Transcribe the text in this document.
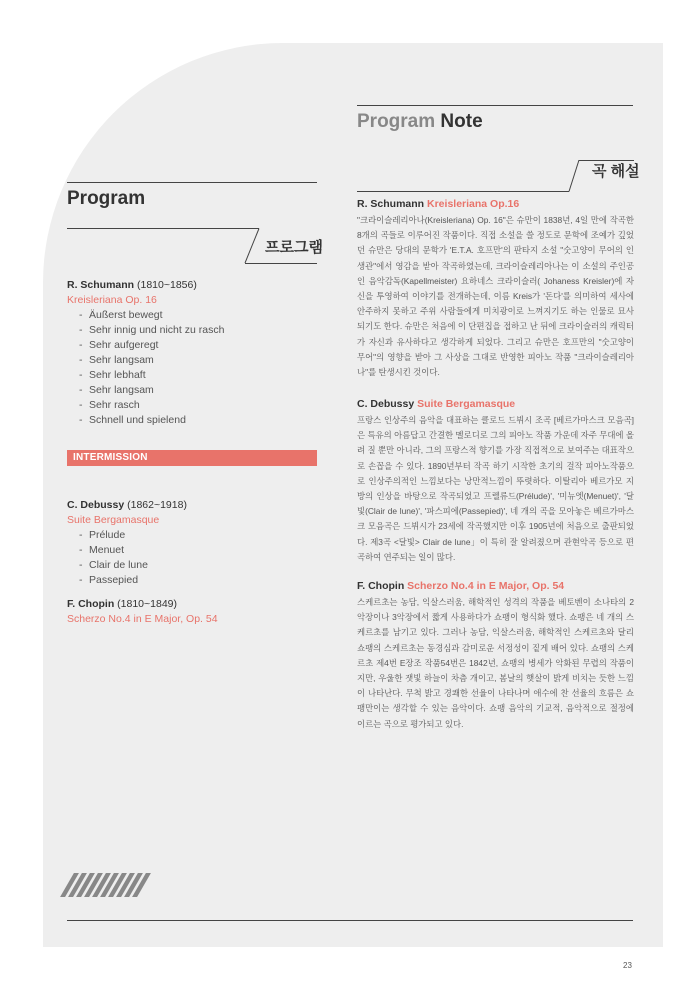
Program Note
곡 해설
Program
프로그램
R. Schumann (1810~1856)
Kreisleriana Op. 16
- Äußerst bewegt
- Sehr innig und nicht zu rasch
- Sehr aufgeregt
- Sehr langsam
- Sehr lebhaft
- Sehr langsam
- Sehr rasch
- Schnell und spielend
INTERMISSION
C. Debussy (1862~1918)
Suite Bergamasque
- Prélude
- Menuet
- Clair de lune
- Passepied
F. Chopin (1810~1849)
Scherzo No.4 in E Major, Op. 54
R. Schumann Kreisleriana Op.16

"크라이슬레리아나(Kreisleriana) Op. 16"은 슈만이 1838년, 4일 만에 작곡한 8개의 곡들로 이루어진 작품이다. 직접 소설을 쓸 정도로 문학에 조예가 깊었던 슈만은 당대의 문학가 'E.T.A. 호프만'의 판타지 소설 "숫고양이 무어의 인생관"에서 영감을 받아 작곡하였는데, 크라이슬레리아나는 이 소설의 주인공인 음악감독(Kapellmeister) 요하네스 크라이슬러( Johaness Kreisler)에 자신을 투영하여 이야기를 전개하는데, 이름 Kreis가 '돈다'를 의미하여 세사에 안주하지 못하고 주위 사람들에게 미치광이로 느껴지기도 하는 인물로 묘사되기도 한다. 슈만은 처음에 이 단편집을 접하고 난 뒤에 크라이슬러의 캐릭터가 자신과 유사하다고 생각하게 되었다. 그리고 슈만은 호프만의 "숫고양이 무어"의 영향을 받아 그 사상을 그대로 반영한 피아노 작품 "크라이슬레리아나"를 탄생시킨 것이다.

C. Debussy Suite Bergamasque

프랑스 인상주의 음악을 대표하는 클로드 드뷔시 조곡 [베르가마스크 모음곡]은 특유의 아름답고 간결한 멜로디로 그의 피아노 작품 가운데 자주 무대에 올려 질 뿐만 아니라, 그의 프랑스적 향기를 가장 직접적으로 보여주는 대표작으로 손꼽을 수 있다. 1890년부터 작곡 하기 시작한 초기의 걸작 피아노작품으로 인상주의적인 느낌보다는 낭만적느낌이 뚜렷하다. 이탈리아 베르가모 지방의 인상을 바탕으로 작곡되었고 프렐류드(Prélude)', '미뉴엣(Menuet)', '달빛(Clair de lune)', '파스피에(Passepied)', 네 개의 곡을 모아놓은 베르가마스크 모음곡은 드뷔시가 23세에 작곡했지만 이후 1905년에 처음으로 출판되었다. 제3곡 <달빛> Clair de lune」이 특히 잘 알려졌으며 관현악곡 등으로 편곡하여 연주되는 일이 많다.

F. Chopin Scherzo No.4 in E Major, Op. 54

스케르초는 농담, 익살스러움, 해학적인 성격의 작품을 베토벤이 소나타의 2악장이나 3악장에서 짧게 사용하다가 쇼팽이 형식화 했다. 쇼팽은 네 개의 스케르초를 남기고 있다. 그러나 농담, 익살스러움, 해학적인 스케르초와 달리 쇼팽의 스케르초는 동경심과 감미로운 서정성이 짙게 배어 있다. 쇼팽의 스케르초 제4번 E장조 작품54번은 1842년, 쇼팽의 병세가 악화된 무렵의 작품이지만, 우울한 잿빛 하늘이 차츰 개이고, 봄날의 햇살이 밝게 비치는 듯한 느낌이 나타난다. 무척 밝고 경쾌한 선율이 나타나며 애수에 찬 선율의 흐름은 쇼팽만이는 생각할 수 있는 음악이다. 쇼팽 음악의 기교적, 음악적으로 절정에 이르는 곡으로 평가되고 있다.

23
